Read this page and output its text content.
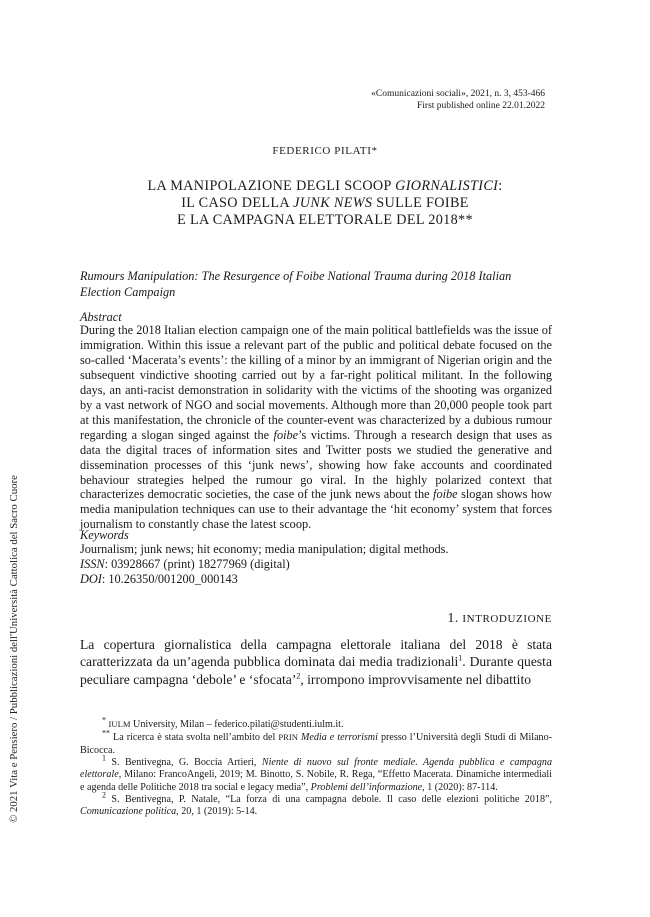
© 2021 Vita e Pensiero / Pubblicazioni dell'Università Cattolica del Sacro Cuore
«Comunicazioni sociali», 2021, n. 3, 453-466
First published online 22.01.2022
FEDERICO PILATI*
LA MANIPOLAZIONE DEGLI SCOOP GIORNALISTICI:
IL CASO DELLA JUNK NEWS SULLE FOIBE
E LA CAMPAGNA ELETTORALE DEL 2018**
Rumours Manipulation: The Resurgence of Foibe National Trauma during 2018 Italian Election Campaign
Abstract
During the 2018 Italian election campaign one of the main political battlefields was the issue of immigration. Within this issue a relevant part of the public and political debate focused on the so-called ‘Macerata’s events’: the killing of a minor by an immigrant of Nigerian origin and the subsequent vindictive shooting carried out by a far-right political militant. In the following days, an anti-racist demonstration in solidarity with the victims of the shooting was organized by a vast network of NGO and social movements. Although more than 20,000 people took part at this manifestation, the chronicle of the counter-event was characterized by a dubious rumour regarding a slogan singed against the foibe’s victims. Through a research design that uses as data the digital traces of information sites and Twitter posts we studied the generative and dissemination processes of this ‘junk news’, showing how fake accounts and coordinated behaviour strategies helped the rumour go viral. In the highly polarized context that characterizes democratic societies, the case of the junk news about the foibe slogan shows how media manipulation techniques can use to their advantage the ‘hit economy’ system that forces journalism to constantly chase the latest scoop.
Keywords
Journalism; junk news; hit economy; media manipulation; digital methods.
ISSN: 03928667 (print) 18277969 (digital)
DOI: 10.26350/001200_000143
1. INTRODUZIONE
La copertura giornalistica della campagna elettorale italiana del 2018 è stata caratterizzata da un’agenda pubblica dominata dai media tradizionali$^1$. Durante questa peculiare campagna ‘debole’ e ‘sfocata’$^2$, irrompono improvvisamente nel dibattito

* IULM University, Milan – federico.pilati@studenti.iulm.it.

** La ricerca è stata svolta nell’ambito del PRIN Media e terrorismi presso l’Università degli Studi di Milano-Bicocca.

$^1$ S. Bentivegna, G. Boccia Artieri, Niente di nuovo sul fronte mediale. Agenda pubblica e campagna elettorale, Milano: FrancoAngeli, 2019; M. Binotto, S. Nobile, R. Rega, “Effetto Macerata. Dinamiche intermediali e agenda delle Politiche 2018 tra social e legacy media”, Problemi dell’informazione, 1 (2020): 87-114.

$^2$ S. Bentivegna, P. Natale, “La forza di una campagna debole. Il caso delle elezioni politiche 2018”, Comunicazione politica, 20, 1 (2019): 5-14.
